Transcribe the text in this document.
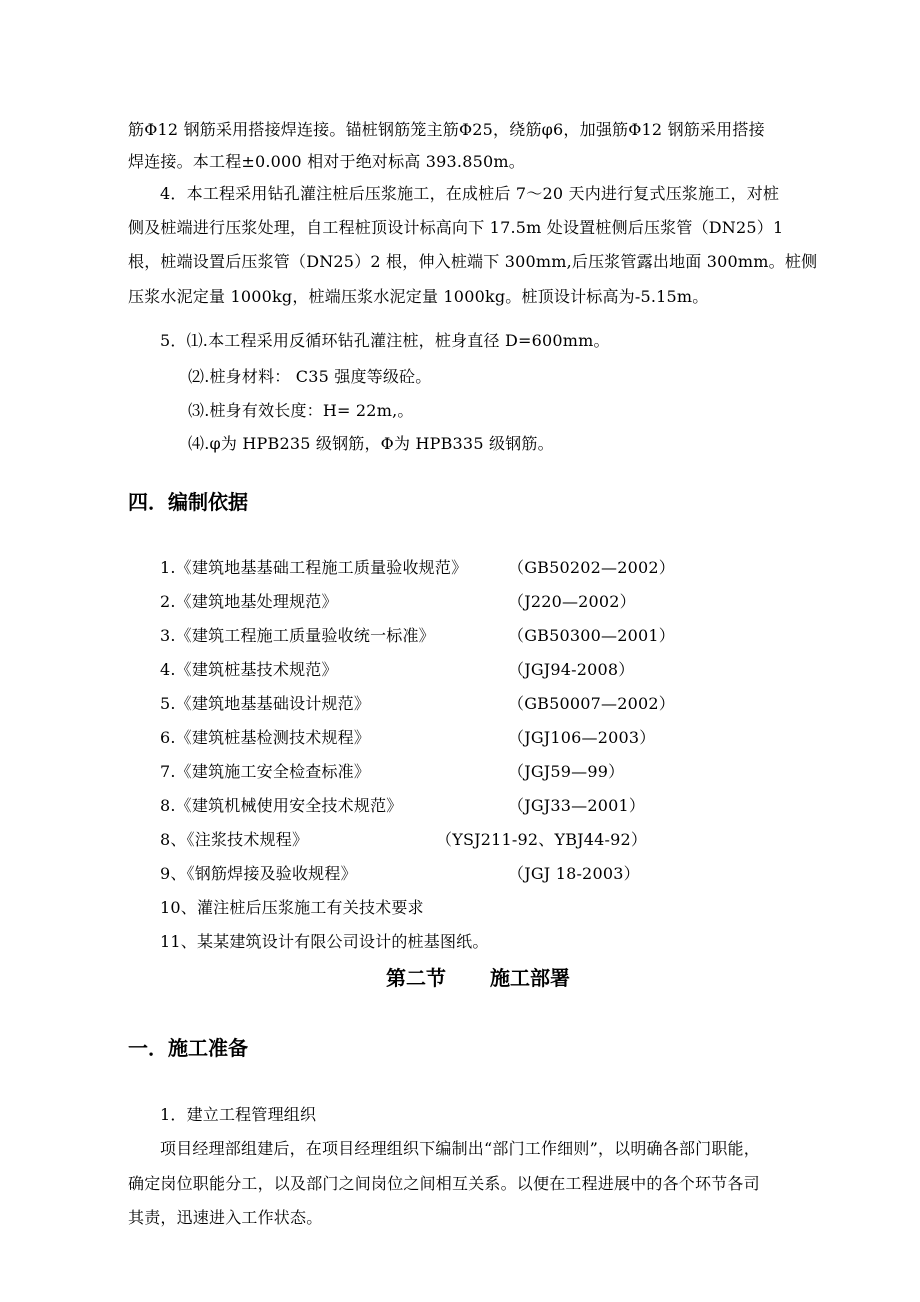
筋Φ12 钢筋采用搭接焊连接。锚桩钢筋笼主筋Φ25，绕筋φ6，加强筋Φ12 钢筋采用搭接
焊连接。本工程±0.000 相对于绝对标高 393.850m。
4．本工程采用钻孔灌注桩后压浆施工，在成桩后 7～20 天内进行复式压浆施工，对桩
侧及桩端进行压浆处理，自工程桩顶设计标高向下 17.5m 处设置桩侧后压浆管（DN25）1
根，桩端设置后压浆管（DN25）2 根，伸入桩端下 300mm,后压浆管露出地面 300mm。桩侧
压浆水泥定量 1000kg，桩端压浆水泥定量 1000kg。桩顶设计标高为-5.15m。
5．⑴.本工程采用反循环钻孔灌注桩，桩身直径 D=600mm。
⑵.桩身材料： C35 强度等级砼。
⑶.桩身有效长度：H= 22m,。
⑷.φ为 HPB235 级钢筋，Φ为 HPB335 级钢筋。
四．编制依据
1.《建筑地基基础工程施工质量验收规范》	（GB50202—2002）
2.《建筑地基处理规范》	（J220—2002）
3.《建筑工程施工质量验收统一标准》	（GB50300—2001）
4.《建筑桩基技术规范》	（JGJ94-2008）
5.《建筑地基基础设计规范》	（GB50007—2002）
6.《建筑桩基检测技术规程》	（JGJ106—2003）
7.《建筑施工安全检查标准》	（JGJ59—99）
8.《建筑机械使用安全技术规范》	（JGJ33—2001）
8、《注浆技术规程》	（YSJ211-92、YBJ44-92）
9、《钢筋焊接及验收规程》	（JGJ 18-2003）
10、灌注桩后压浆施工有关技术要求
11、某某建筑设计有限公司设计的桩基图纸。
第二节 施工部署
一．施工准备
1．建立工程管理组织
项目经理部组建后，在项目经理组织下编制出“部门工作细则”，以明确各部门职能，
确定岗位职能分工，以及部门之间岗位之间相互关系。以便在工程进展中的各个环节各司
其责，迅速进入工作状态。
